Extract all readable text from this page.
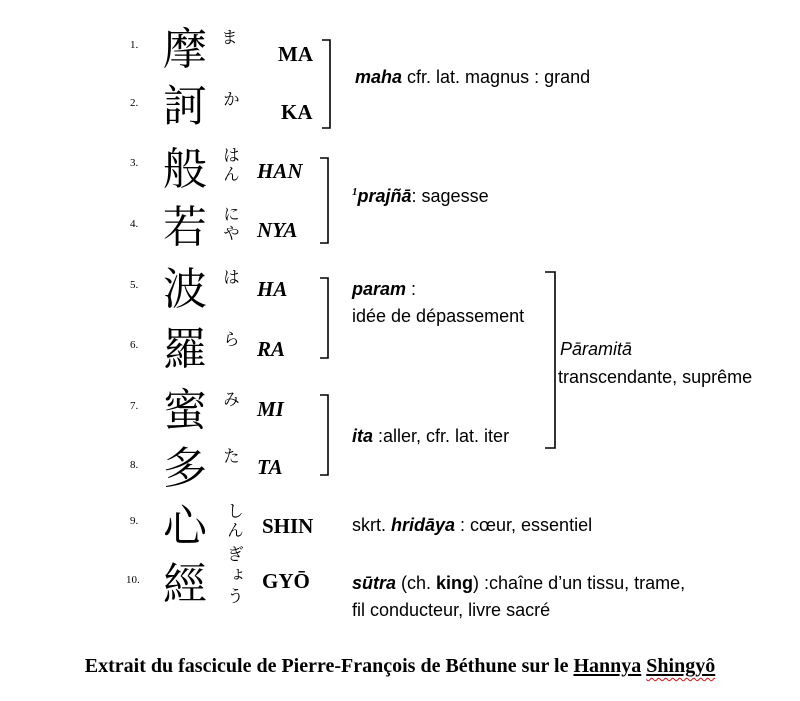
1. 摩 ま
MA
2. 訶 か
KA
3. 般 はん HAN
4. 若 にや NYA
5. 波 は HA
6. 羅 ら RA
7. 蜜 み MI
8. 多 た TA
9. 心 しん SHIN
10. 經 ぎょう GYŌ
maha cfr. lat. magnus : grand
$^1$prajñā: sagesse
param :
idée de dépassement
ita :aller, cfr. lat. iter
Pāramitā
transcendante, suprême
skrt. hridāya : cœur, essentiel
sūtra (ch. king) :chaîne d’un tissu, trame,
fil conducteur, livre sacré
Extrait du fascicule de Pierre-François de Béthune sur le Hannya Shingyô
